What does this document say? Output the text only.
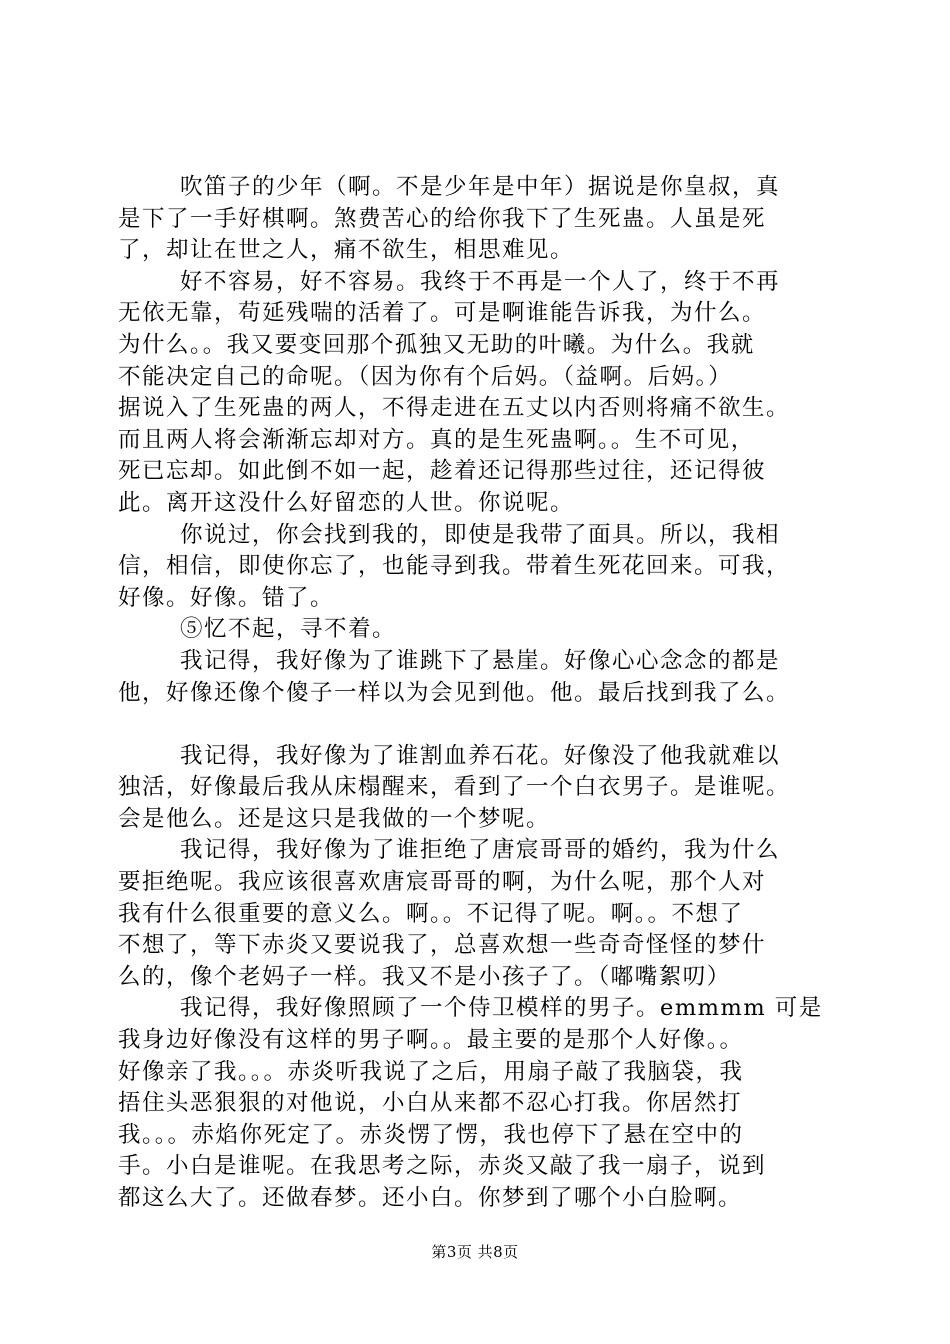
吹笛子的少年（啊。不是少年是中年）据说是你皇叔，真
是下了一手好棋啊。煞费苦心的给你我下了生死蛊。人虽是死
了，却让在世之人，痛不欲生，相思难见。
好不容易，好不容易。我终于不再是一个人了，终于不再
无依无靠，苟延残喘的活着了。可是啊谁能告诉我，为什么。
为什么。。我又要变回那个孤独又无助的叶曦。为什么。我就
不能决定自己的命呢。（因为你有个后妈。（益啊。后妈。）
据说入了生死蛊的两人，不得走进在五丈以内否则将痛不欲生。
而且两人将会渐渐忘却对方。真的是生死蛊啊。。生不可见，
死已忘却。如此倒不如一起，趁着还记得那些过往，还记得彼
此。离开这没什么好留恋的人世。你说呢。
你说过，你会找到我的，即使是我带了面具。所以，我相
信，相信，即使你忘了，也能寻到我。带着生死花回来。可我，
好像。好像。错了。
⑤忆不起，寻不着。
我记得，我好像为了谁跳下了悬崖。好像心心念念的都是
他，好像还像个傻子一样以为会见到他。他。最后找到我了么。
我记得，我好像为了谁割血养石花。好像没了他我就难以
独活，好像最后我从床榻醒来，看到了一个白衣男子。是谁呢。
会是他么。还是这只是我做的一个梦呢。
我记得，我好像为了谁拒绝了唐宸哥哥的婚约，我为什么
要拒绝呢。我应该很喜欢唐宸哥哥的啊，为什么呢，那个人对
我有什么很重要的意义么。啊。。不记得了呢。啊。。不想了
不想了，等下赤炎又要说我了，总喜欢想一些奇奇怪怪的梦什
么的，像个老妈子一样。我又不是小孩子了。（嘟嘴絮叨）
我记得，我好像照顾了一个侍卫模样的男子。emmmm 可是
我身边好像没有这样的男子啊。。最主要的是那个人好像。。
好像亲了我。。。赤炎听我说了之后，用扇子敲了我脑袋，我
捂住头恶狠狠的对他说，小白从来都不忍心打我。你居然打
我。。。赤焰你死定了。赤炎愣了愣，我也停下了悬在空中的
手。小白是谁呢。在我思考之际，赤炎又敲了我一扇子，说到
都这么大了。还做春梦。还小白。你梦到了哪个小白脸啊。
第3页 共8页
